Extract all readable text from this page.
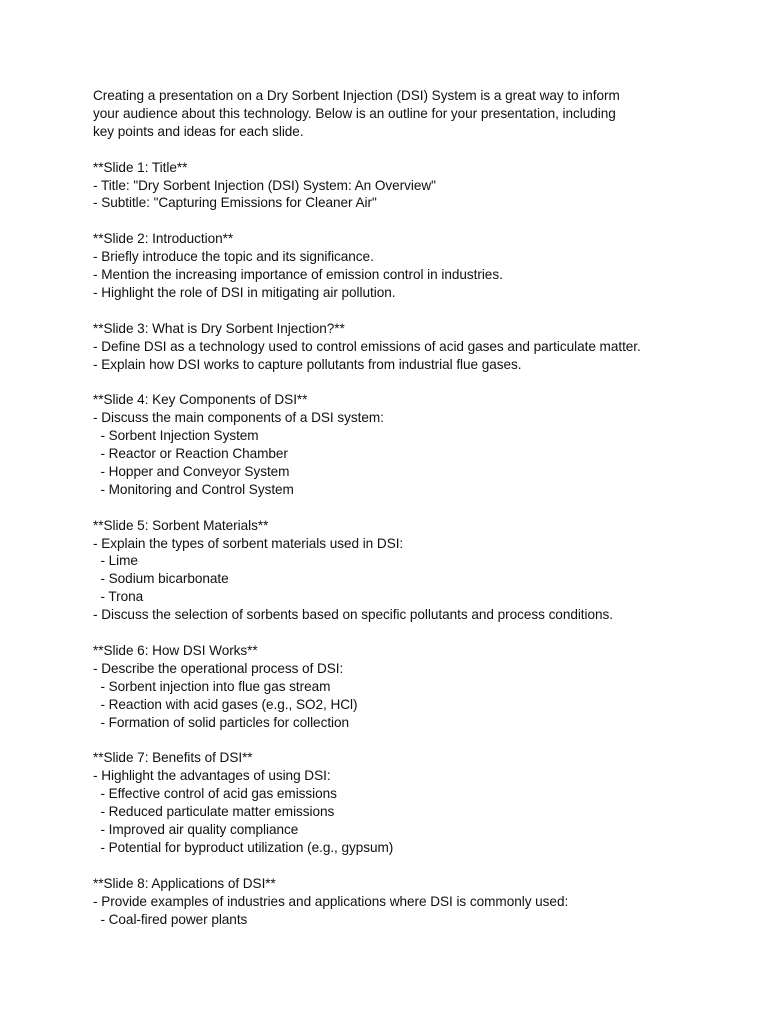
Creating a presentation on a Dry Sorbent Injection (DSI) System is a great way to inform
your audience about this technology. Below is an outline for your presentation, including
key points and ideas for each slide.

**Slide 1: Title**
- Title: "Dry Sorbent Injection (DSI) System: An Overview"
- Subtitle: "Capturing Emissions for Cleaner Air"
**Slide 2: Introduction**
- Briefly introduce the topic and its significance.
- Mention the increasing importance of emission control in industries.
- Highlight the role of DSI in mitigating air pollution.
**Slide 3: What is Dry Sorbent Injection?**
- Define DSI as a technology used to control emissions of acid gases and particulate matter.
- Explain how DSI works to capture pollutants from industrial flue gases.
**Slide 4: Key Components of DSI**
- Discuss the main components of a DSI system:
- Sorbent Injection System
- Reactor or Reaction Chamber
- Hopper and Conveyor System
- Monitoring and Control System
**Slide 5: Sorbent Materials**
- Explain the types of sorbent materials used in DSI:
- Lime
- Sodium bicarbonate
- Trona
- Discuss the selection of sorbents based on specific pollutants and process conditions.
**Slide 6: How DSI Works**
- Describe the operational process of DSI:
- Sorbent injection into flue gas stream
- Reaction with acid gases (e.g., SO2, HCl)
- Formation of solid particles for collection
**Slide 7: Benefits of DSI**
- Highlight the advantages of using DSI:
- Effective control of acid gas emissions
- Reduced particulate matter emissions
- Improved air quality compliance
- Potential for byproduct utilization (e.g., gypsum)
**Slide 8: Applications of DSI**
- Provide examples of industries and applications where DSI is commonly used:
- Coal-fired power plants
